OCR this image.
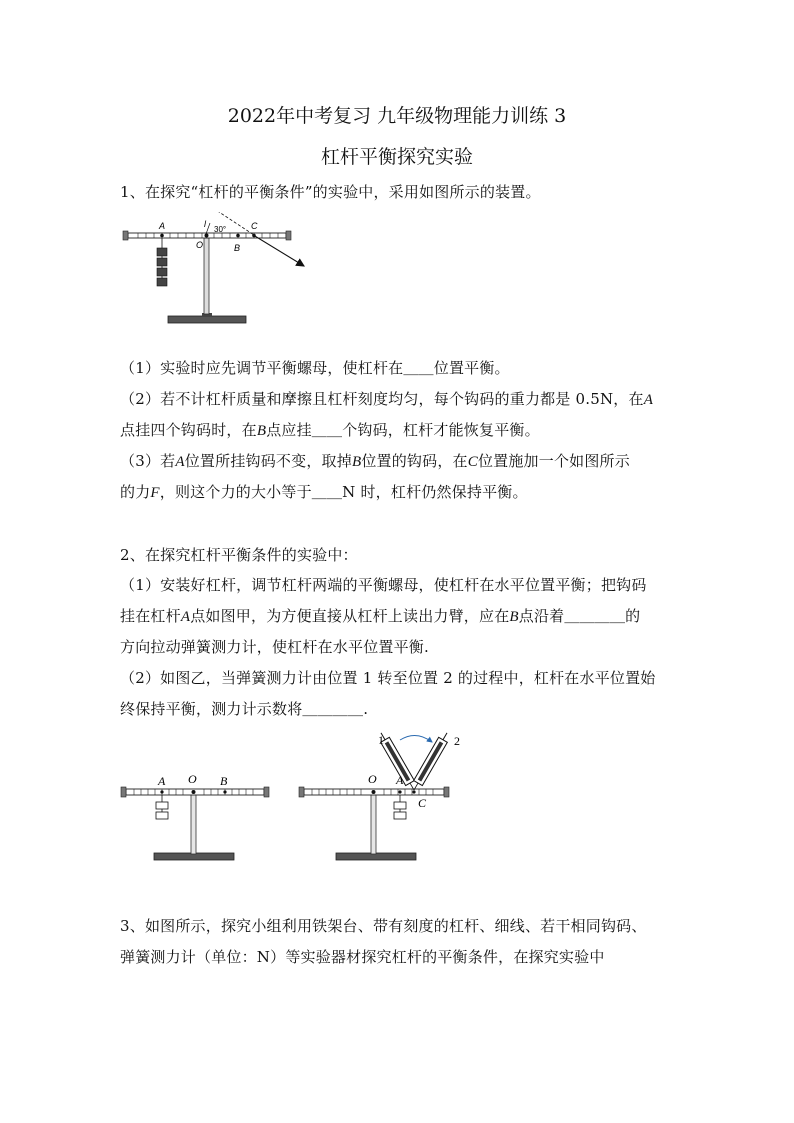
2022年中考复习 九年级物理能力训练 3
杠杆平衡探究实验
1、在探究“杠杆的平衡条件”的实验中，采用如图所示的装置。
A
O	B
C
l
30°
（1）实验时应先调节平衡螺母，使杠杆在＿＿位置平衡。
（2）若不计杠杆质量和摩擦且杠杆刻度均匀，每个钩码的重力都是 0.5N，在A
点挂四个钩码时，在B点应挂＿＿个钩码，杠杆才能恢复平衡。
（3）若A位置所挂钩码不变，取掉B位置的钩码，在C位置施加一个如图所示
的力F，则这个力的大小等于＿＿N 时，杠杆仍然保持平衡。
2、在探究杠杆平衡条件的实验中：
（1）安装好杠杆，调节杠杆两端的平衡螺母，使杠杆在水平位置平衡；把钩码
挂在杠杆A点如图甲，为方便直接从杠杆上读出力臂，应在B点沿着＿＿＿＿的
方向拉动弹簧测力计，使杠杆在水平位置平衡.
（2）如图乙，当弹簧测力计由位置 1 转至位置 2 的过程中，杠杆在水平位置始
终保持平衡，测力计示数将＿＿＿＿.
A O B
1	2
O A
C
3、如图所示，探究小组利用铁架台、带有刻度的杠杆、细线、若干相同钩码、
弹簧测力计（单位：N）等实验器材探究杠杆的平衡条件，在探究实验中
